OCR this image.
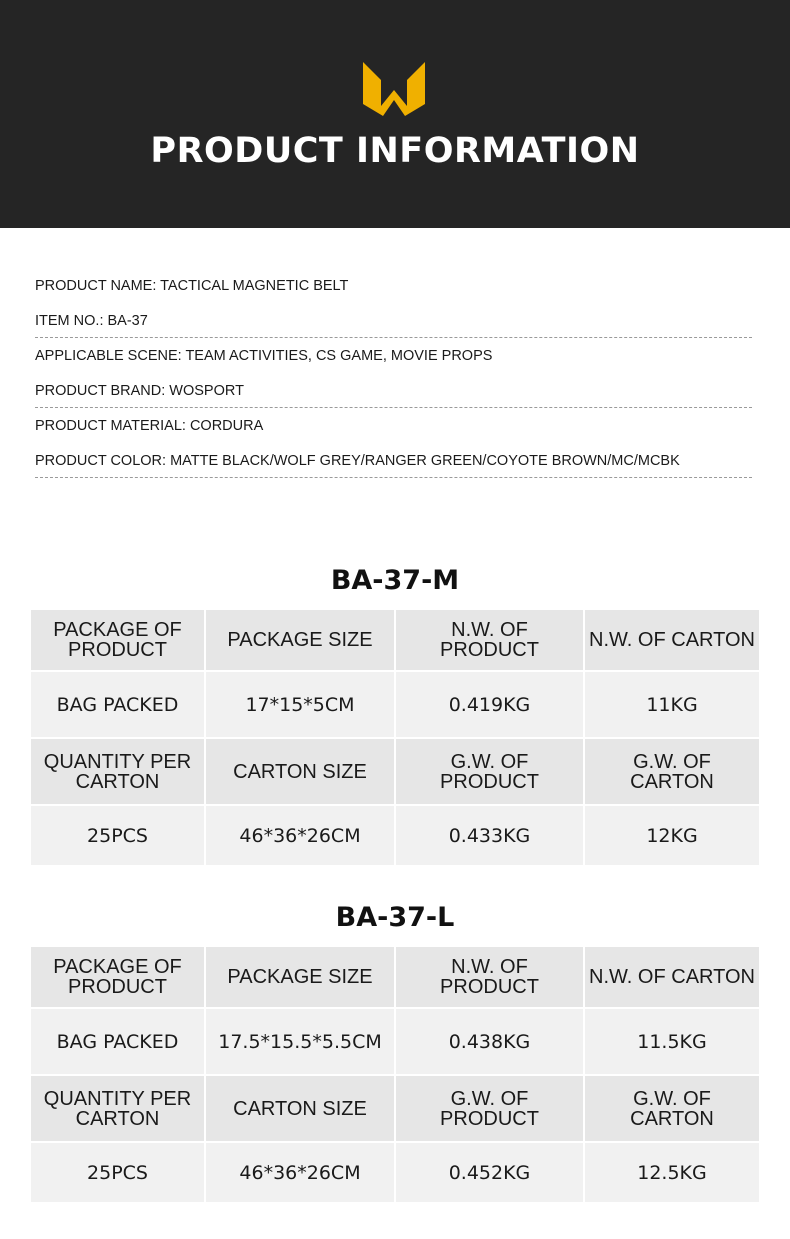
PRODUCT INFORMATION
PRODUCT NAME: TACTICAL MAGNETIC BELT
ITEM NO.: BA-37
APPLICABLE SCENE: TEAM ACTIVITIES, CS GAME, MOVIE PROPS
PRODUCT BRAND: WOSPORT
PRODUCT MATERIAL: CORDURA
PRODUCT COLOR: MATTE BLACK/WOLF GREY/RANGER GREEN/COYOTE BROWN/MC/MCBK
BA-37-M
PACKAGE OF PRODUCT	PACKAGE SIZE	N.W. OF PRODUCT	N.W. OF CARTON
BAG PACKED	17*15*5CM	0.419KG	11KG
QUANTITY PER CARTON	CARTON SIZE	G.W. OF PRODUCT	G.W. OF CARTON
25PCS	46*36*26CM	0.433KG	12KG
BA-37-L
PACKAGE OF PRODUCT	PACKAGE SIZE	N.W. OF PRODUCT	N.W. OF CARTON
BAG PACKED	17.5*15.5*5.5CM	0.438KG	11.5KG
QUANTITY PER CARTON	CARTON SIZE	G.W. OF PRODUCT	G.W. OF CARTON
25PCS	46*36*26CM	0.452KG	12.5KG
